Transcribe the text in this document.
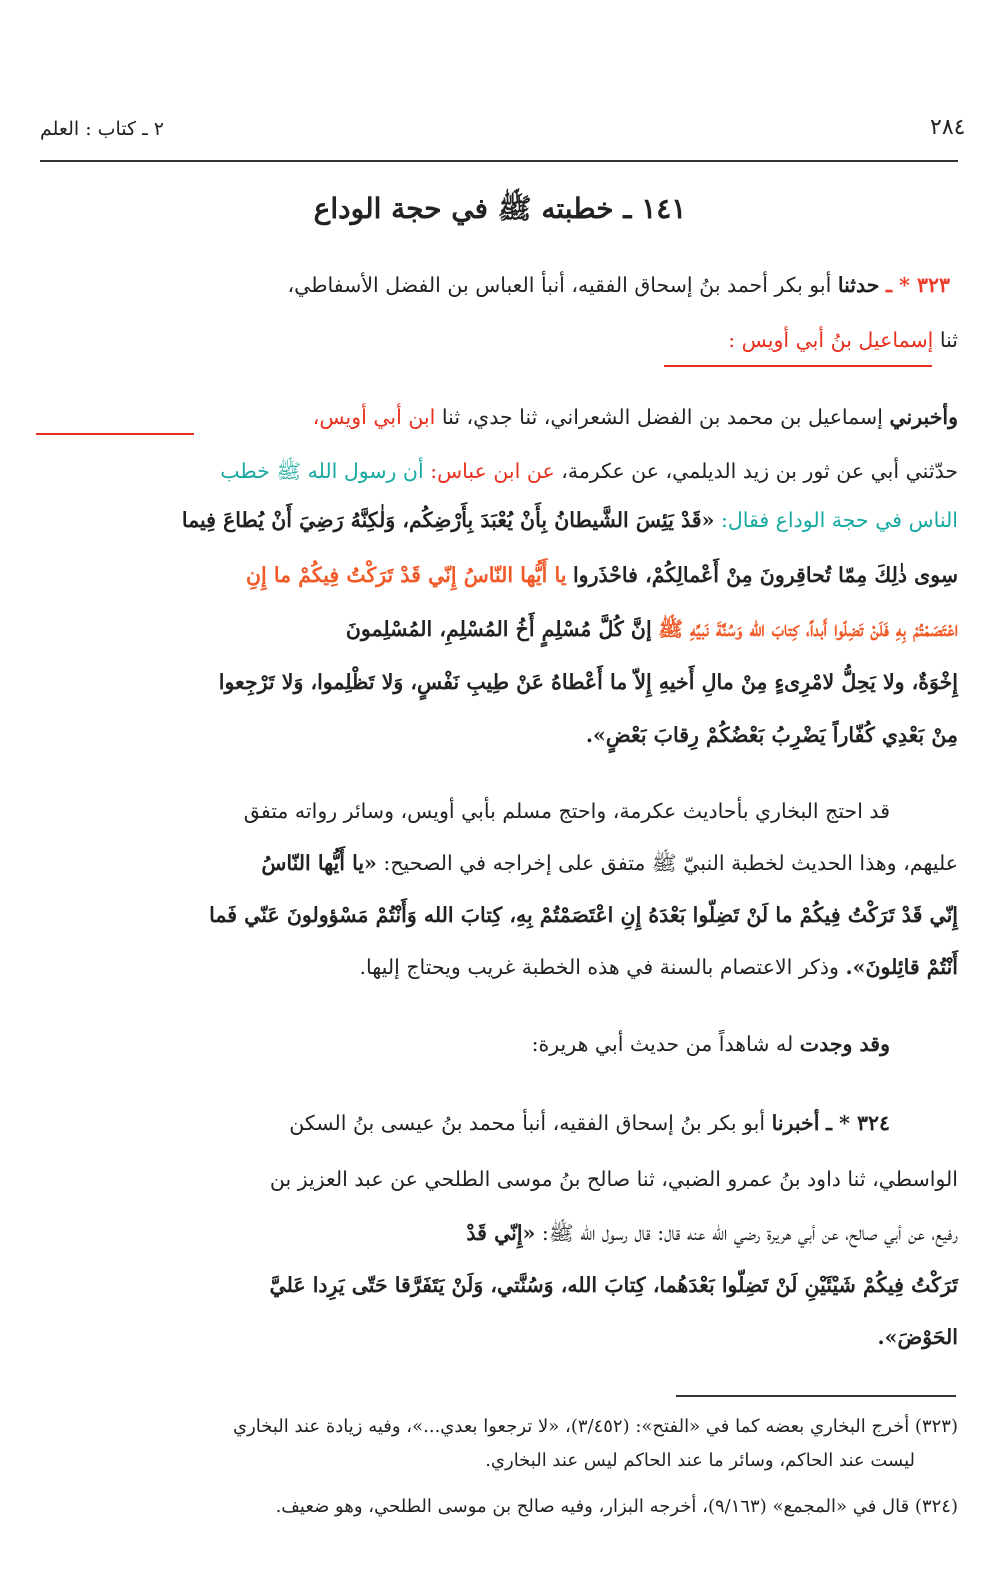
٢ ـ كتاب : العلم	٢٨٤
١٤١ ـ خطبته ﷺ في حجة الوداع
٣٢٣ * ـ حدثنا أبو بكر أحمد بنُ إسحاق الفقيه، أنبأ العباس بن الفضل الأسفاطي،
ثنا إسماعيل بنُ أبي أويس :
وأخبرني إسماعيل بن محمد بن الفضل الشعراني، ثنا جدي، ثنا ابن أبي أويس،
حدّثني أبي عن ثور بن زيد الديلمي، عن عكرمة، عن ابن عباس: أن رسول الله ﷺ خطب
الناس في حجة الوداع فقال: «قَدْ يَئِسَ الشَّيطانُ بِأَنْ يُعْبَدَ بِأَرْضِكُم، وَلٰكِنَّهُ رَضِيَ أَنْ يُطاعَ فِيما
سِوى ذٰلِكَ مِمّا تُحاقِرونَ مِنْ أَعْمالِكُمْ، فاحْذَروا يا أَيُّها النّاسُ إِنّي قَدْ تَرَكْتُ فِيكُمْ ما إِنِ
اعْتَصَمْتُمْ بِهِ فَلَنْ تَضِلّوا أَبداً، كِتابَ الله وَسُنَّةَ نَبيِّهِ ﷺ إنَّ كُلَّ مُسْلِمٍ أَخُ المُسْلِمِ، المُسْلِمونَ
إِخْوَةٌ، ولا يَحِلُّ لامْرِىءٍ مِنْ مالِ أَخيهِ إِلاّ ما أَعْطاهُ عَنْ طِيبِ نَفْسٍ، وَلا تَظْلِموا، وَلا تَرْجِعوا
مِنْ بَعْدِي كُفّاراً يَضْرِبُ بَعْضُكُمْ رِقابَ بَعْضٍ».
قد احتج البخاري بأحاديث عكرمة، واحتج مسلم بأبي أويس، وسائر رواته متفق
عليهم، وهذا الحديث لخطبة النبيّ ﷺ متفق على إخراجه في الصحيح: «يا أَيُّها النّاسُ
إِنّي قَدْ تَرَكْتُ فِيكُمْ ما لَنْ تَضِلّوا بَعْدَهُ إِنِ اعْتَصَمْتُمْ بِهِ، كِتابَ الله وَأَنْتُمْ مَسْؤولونَ عَنّي فَما
أَنْتُمْ قائِلونَ». وذكر الاعتصام بالسنة في هذه الخطبة غريب ويحتاج إليها.
وقد وجدت له شاهداً من حديث أبي هريرة:
٣٢٤ * ـ أخبرنا أبو بكر بنُ إسحاق الفقيه، أنبأ محمد بنُ عيسى بنُ السكن
الواسطي، ثنا داود بنُ عمرو الضبي، ثنا صالح بنُ موسى الطلحي عن عبد العزيز بن
رفيع، عن أبي صالح، عن أبي هريرة رضي الله عنه قال: قال رسول الله ﷺ: «إِنّي قَدْ
تَرَكْتُ فِيكُمْ شَيْئَيْنِ لَنْ تَضِلّوا بَعْدَهُما، كِتابَ الله، وَسُنَّتي، وَلَنْ يَتَفَرَّقا حَتّى يَرِدا عَليَّ
الحَوْضَ».
(٣٢٣) أخرج البخاري بعضه كما في «الفتح»: (٣/٤٥٢)، «لا ترجعوا بعدي...»، وفيه زيادة عند البخاري
ليست عند الحاكم، وسائر ما عند الحاكم ليس عند البخاري.
(٣٢٤) قال في «المجمع» (٩/١٦٣)، أخرجه البزار، وفيه صالح بن موسى الطلحي، وهو ضعيف.
